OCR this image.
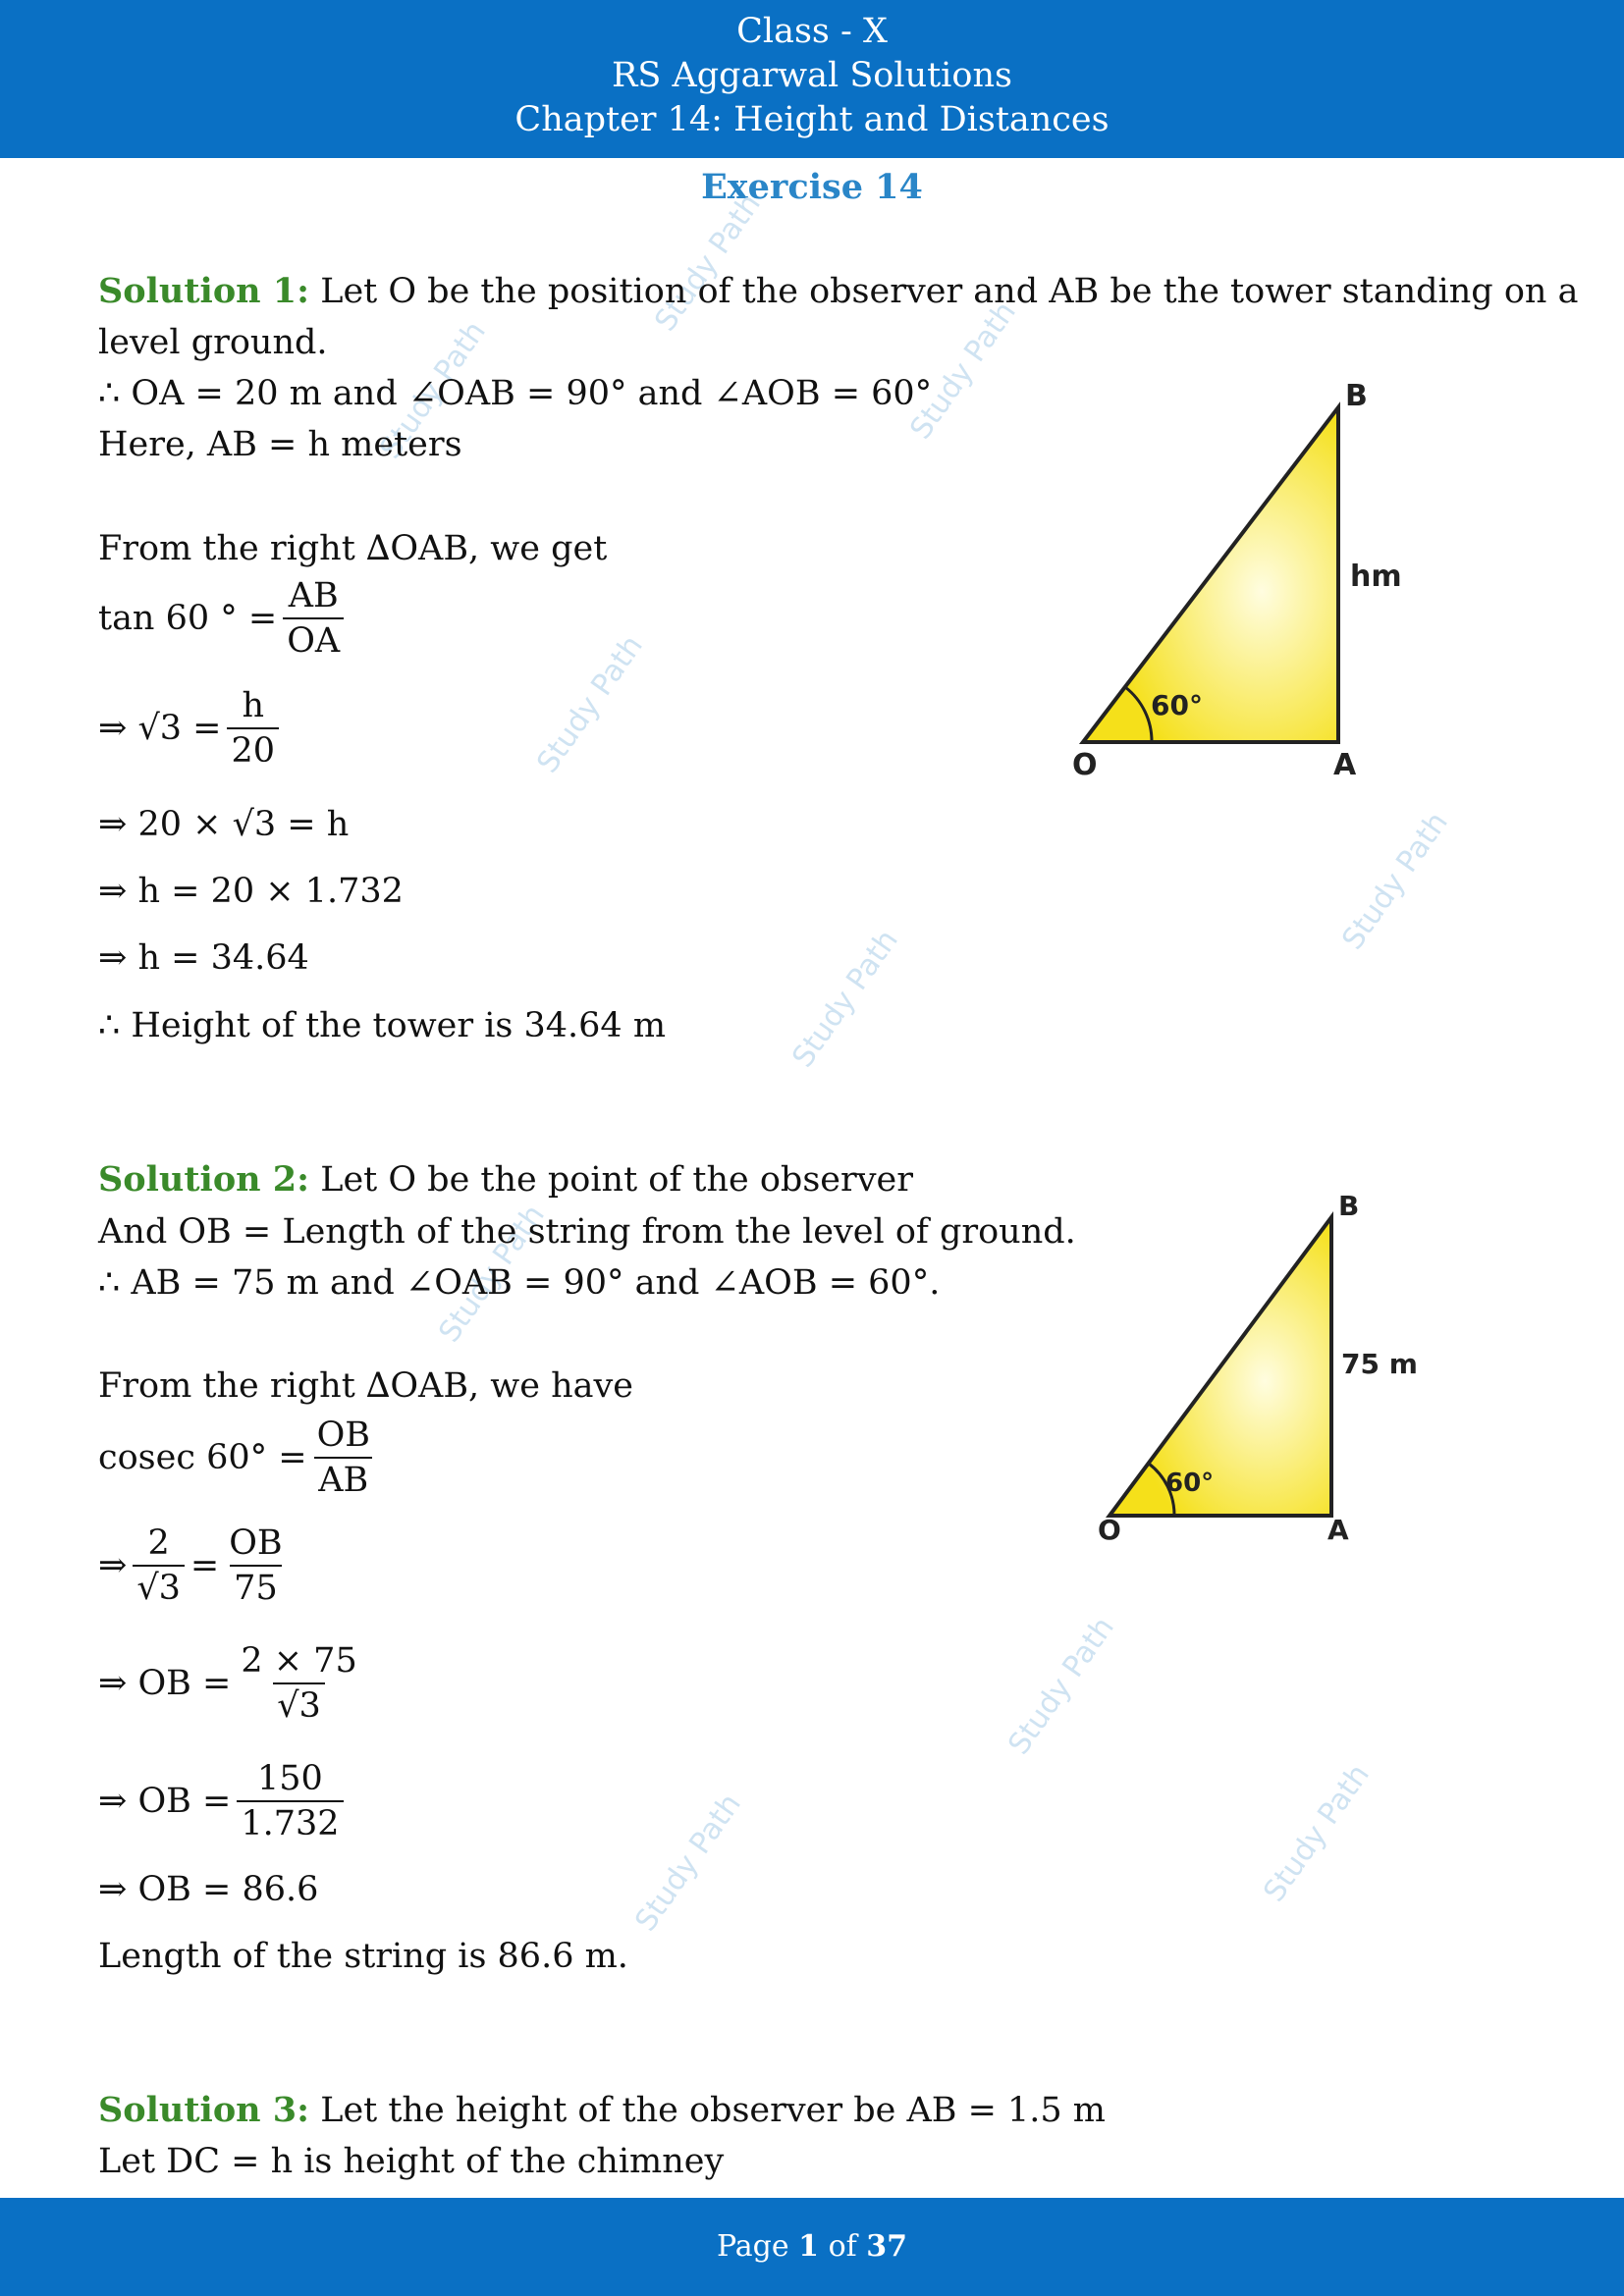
Class - X
RS Aggarwal Solutions
Chapter 14: Height and Distances
Exercise 14
Study Path
Study Path	Study Path
Study Path
Study Path
Study Path
Study Path
Study Path
Study Path	Study Path
Solution 1: Let O be the position of the observer and AB be the tower standing on a
level ground.
∴ OA = 20 m and ∠OAB = 90° and ∠AOB = 60°
Here, AB = h meters
From the right ∆OAB, we get
tan 60 ° = $\frac{AB}{OA}$
⇒ $√3 = \frac{h}{20}$
⇒ 20 × √3 = h
⇒ h = 20 × 1.732
⇒ h = 34.64
∴ Height of the tower is 34.64 m
Solution 2: Let O be the point of the observer
And OB = Length of the string from the level of ground.
∴ AB = 75 m and ∠OAB = 90° and ∠AOB = 60°.
From the right ∆OAB, we have
cosec $60^\circ = \frac{OB}{AB}$
⇒ $\frac{2}{√3} = \frac{OB}{75}$
⇒ OB = $\frac{2 \times 75}{√3}$
⇒ OB = $\frac{150}{1.732}$
⇒ OB = 86.6
Length of the string is 86.6 m.
Solution 3: Let the height of the observer be AB = 1.5 m
Let DC = h is height of the chimney
B
hm
60°
O	A
B
75 m
60°
O	A
Page 1 of 37
